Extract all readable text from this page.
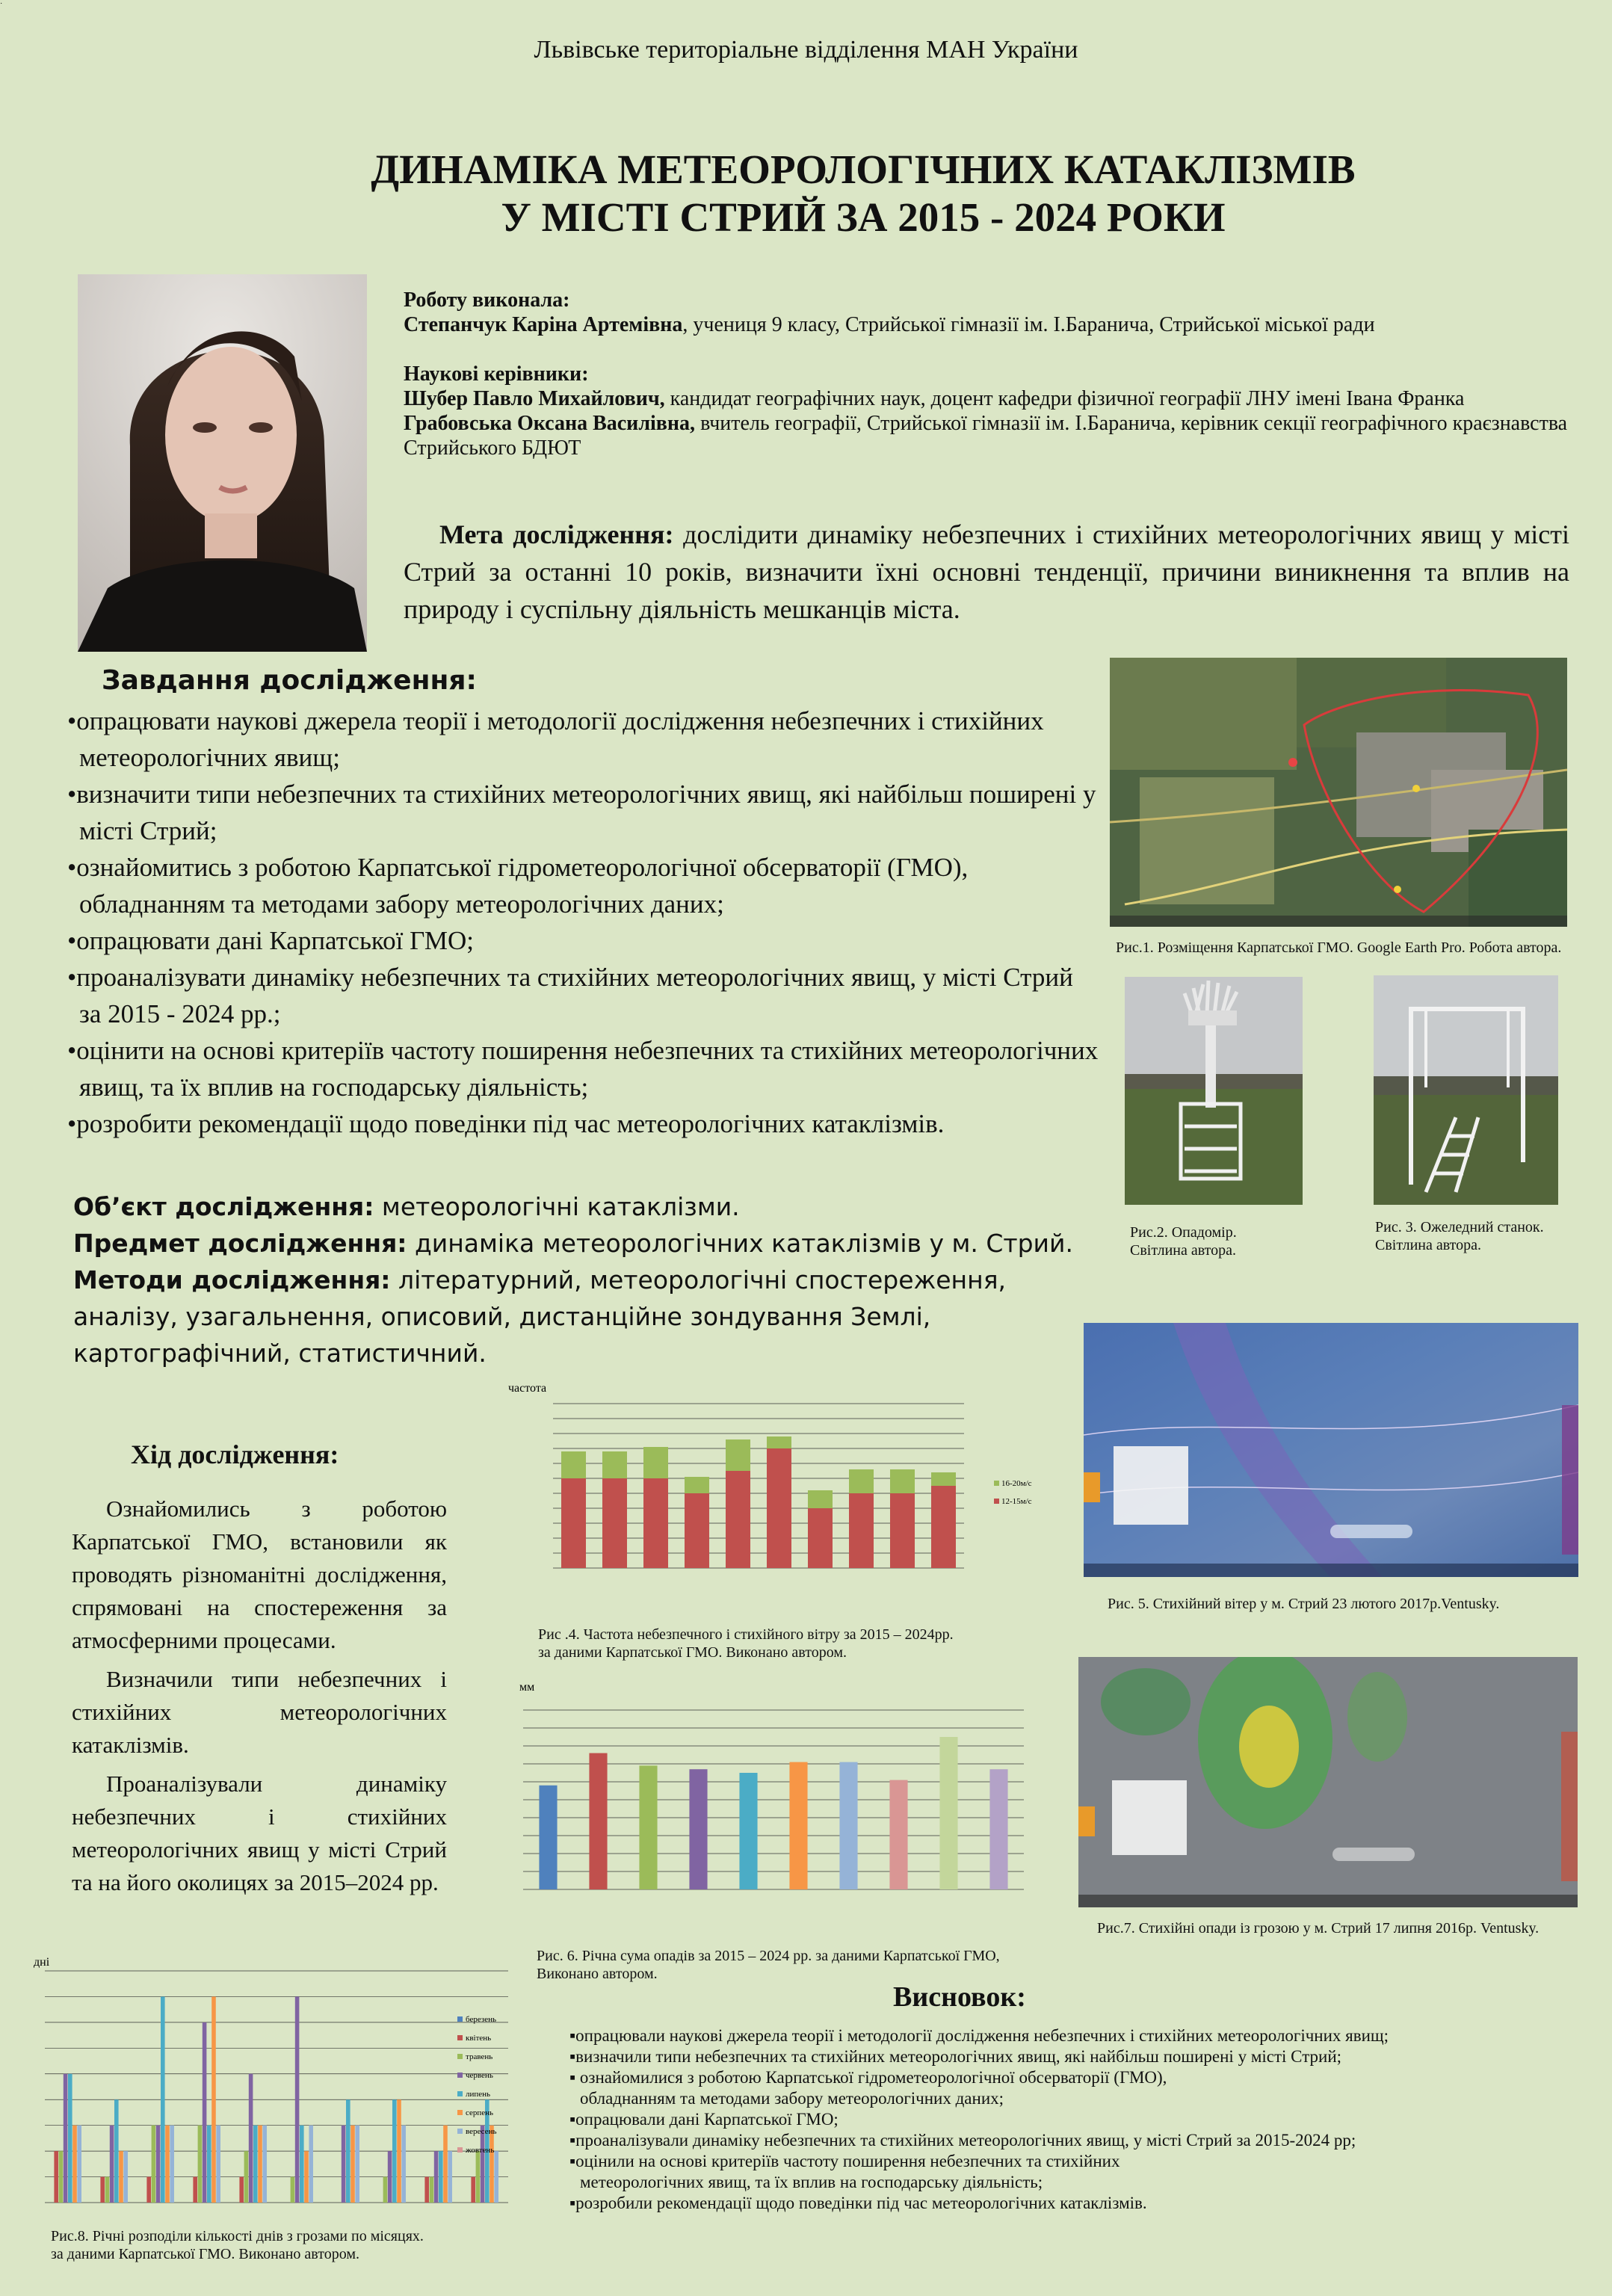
·
Львівське територіальне відділення МАН України
ДИНАМІКА МЕТЕОРОЛОГІЧНИХ КАТАКЛІЗМІВ
У МІСТІ СТРИЙ ЗА 2015 - 2024 РОКИ
Роботу виконала:
Степанчук Каріна Артемівна, учениця 9 класу, Стрийської гімназії ім. І.Баранича, Стрийської міської ради
Наукові керівники:
Шубер Павло Михайлович, кандидат географічних наук, доцент кафедри фізичної географії ЛНУ імені Івана Франка
Грабовська Оксана Василівна, вчитель географії, Стрийської гімназії ім. І.Баранича, керівник секції географічного краєзнавства Стрийського БДЮТ
Мета дослідження: дослідити динаміку небезпечних і стихійних метеорологічних явищ у місті Стрий за останні 10 років, визначити їхні основні тенденції, причини виникнення та вплив на природу і суспільну діяльність мешканців міста.
Завдання дослідження:
•опрацювати наукові джерела теорії і методології дослідження небезпечних і стихійних метеорологічних явищ;
•визначити типи небезпечних та стихійних метеорологічних явищ, які найбільш поширені у місті Стрий;
•ознайомитись з роботою Карпатської гідрометеорологічної обсерваторії (ГМО), обладнанням та методами забору метеорологічних даних;
•опрацювати дані Карпатської ГМО;
•проаналізувати динаміку небезпечних та стихійних метеорологічних явищ, у місті Стрий за 2015 - 2024 рр.;
•оцінити на основі критеріїв частоту поширення небезпечних та стихійних метеорологічних явищ, та їх вплив на господарську діяльність;
•розробити рекомендації щодо поведінки під час метеорологічних катаклізмів.
Об’єкт дослідження: метеорологічні катаклізми.
Предмет дослідження: динаміка метеорологічних катаклізмів у м. Стрий.
Методи дослідження: літературний, метеорологічні спостереження, аналізу, узагальнення, описовий, дистанційне зондування Землі, картографічний, статистичний.
Рис.1. Розміщення Карпатської ГМО. Google Earth Pro. Робота автора.
Рис.2. Опадомір.
Світлина автора.
Рис. 3. Ожеледний станок.
Світлина автора.
Рис. 5. Стихійний вітер у м. Стрий 23 лютого 2017р.Ventusky.
Рис.7. Стихійні опади із грозою у м. Стрий 17 липня 2016р. Ventusky.
частота
16-20м/с
12-15м/с
Рис .4. Частота небезпечного і стихійного вітру за 2015 – 2024рр.
за даними Карпатської ГМО. Виконано автором.
мм
Рис. 6. Річна сума опадів за 2015 – 2024 рр. за даними Карпатської ГМО,
Виконано автором.
Хід дослідження:

Ознайомились з роботою Карпатської ГМО, встановили як проводять різноманітні дослідження, спрямовані на спостереження за атмосферними процесами.

Визначили типи небезпечних і стихійних метеорологічних катаклізмів.

Проаналізували динаміку небезпечних і стихійних метеорологічних явищ у місті Стрий та на його околицях за 2015–2024 рр.

дні
березень
квітень
травень
червень
липень
серпень
вересень
жовтень
Рис.8. Річні розподіли кількості днів з грозами по місяцях.
за даними Карпатської ГМО. Виконано автором.
Висновок:
▪опрацювали наукові джерела теорії і методології дослідження небезпечних і стихійних метеорологічних явищ;
▪визначили типи небезпечних та стихійних метеорологічних явищ, які найбільш поширені у місті Стрий;
▪ ознайомилися з роботою Карпатської гідрометеорологічної обсерваторії (ГМО),
обладнанням та методами забору метеорологічних даних;
▪опрацювали дані Карпатської ГМО;
▪проаналізували динаміку небезпечних та стихійних метеорологічних явищ, у місті Стрий за 2015-2024 рр;
▪оцінили на основі критеріїв частоту поширення небезпечних та стихійних
метеорологічних явищ, та їх вплив на господарську діяльність;
▪розробили рекомендації щодо поведінки під час метеорологічних катаклізмів.
